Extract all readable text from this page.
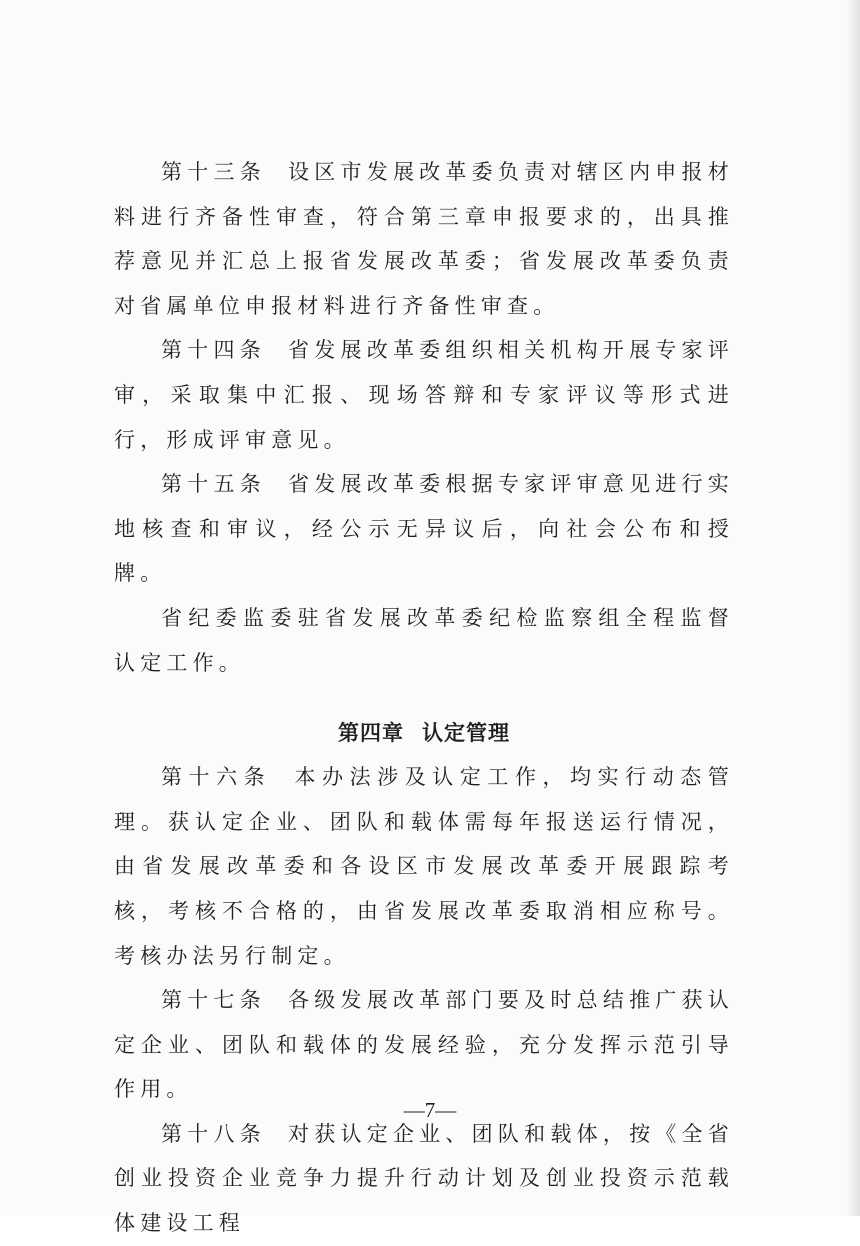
第十三条 设区市发展改革委负责对辖区内申报材料进行齐备性审查，符合第三章申报要求的，出具推荐意见并汇总上报省发展改革委；省发展改革委负责对省属单位申报材料进行齐备性审查。

第十四条 省发展改革委组织相关机构开展专家评审，采取集中汇报、现场答辩和专家评议等形式进行，形成评审意见。

第十五条 省发展改革委根据专家评审意见进行实地核查和审议，经公示无异议后，向社会公布和授牌。

省纪委监委驻省发展改革委纪检监察组全程监督认定工作。

第四章 认定管理

第十六条 本办法涉及认定工作，均实行动态管理。获认定企业、团队和载体需每年报送运行情况，由省发展改革委和各设区市发展改革委开展跟踪考核，考核不合格的，由省发展改革委取消相应称号。考核办法另行制定。

第十七条 各级发展改革部门要及时总结推广获认定企业、团队和载体的发展经验，充分发挥示范引导作用。

第十八条 对获认定企业、团队和载体，按《全省创业投资企业竞争力提升行动计划及创业投资示范载体建设工程

—7—
